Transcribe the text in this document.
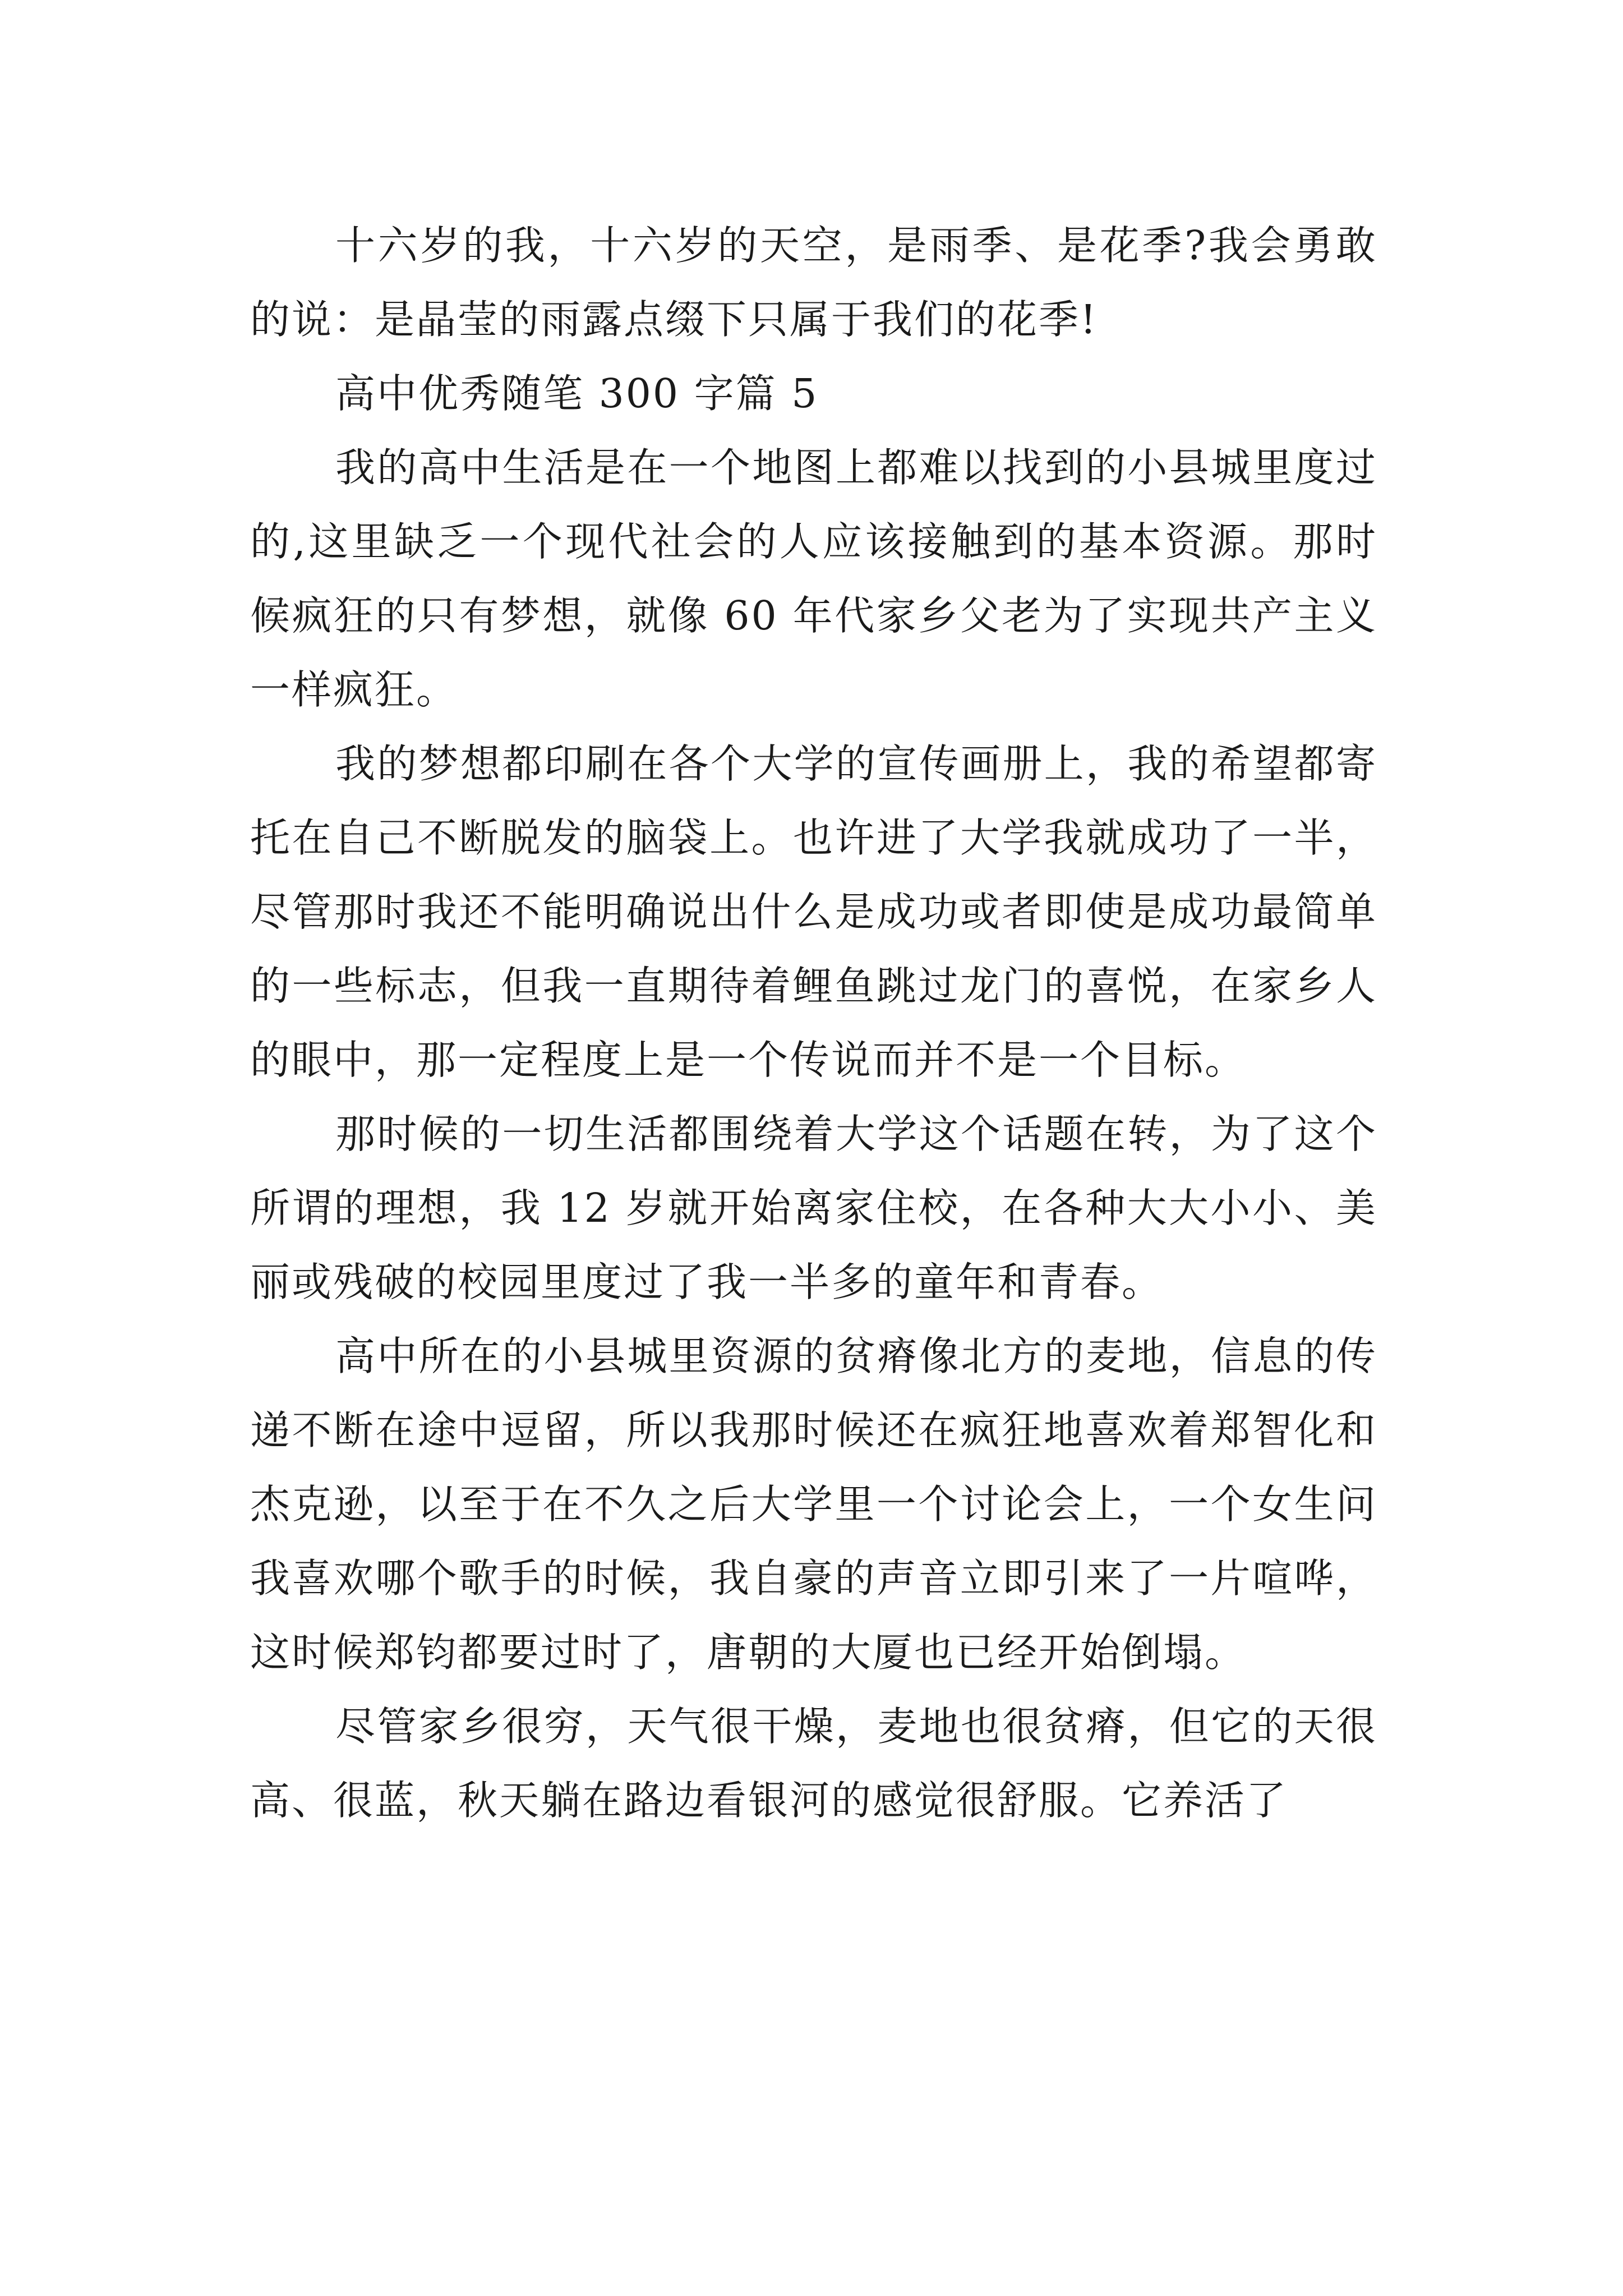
十六岁的我，十六岁的天空，是雨季、是花季?我会勇敢的说：是晶莹的雨露点缀下只属于我们的花季!

高中优秀随笔 300 字篇 5

我的高中生活是在一个地图上都难以找到的小县城里度过的,这里缺乏一个现代社会的人应该接触到的基本资源。那时候疯狂的只有梦想，就像 60 年代家乡父老为了实现共产主义一样疯狂。

我的梦想都印刷在各个大学的宣传画册上，我的希望都寄托在自己不断脱发的脑袋上。也许进了大学我就成功了一半，尽管那时我还不能明确说出什么是成功或者即使是成功最简单的一些标志，但我一直期待着鲤鱼跳过龙门的喜悦，在家乡人的眼中，那一定程度上是一个传说而并不是一个目标。

那时候的一切生活都围绕着大学这个话题在转，为了这个所谓的理想，我 12 岁就开始离家住校，在各种大大小小、美丽或残破的校园里度过了我一半多的童年和青春。

高中所在的小县城里资源的贫瘠像北方的麦地，信息的传递不断在途中逗留，所以我那时候还在疯狂地喜欢着郑智化和杰克逊，以至于在不久之后大学里一个讨论会上，一个女生问我喜欢哪个歌手的时候，我自豪的声音立即引来了一片喧哗，这时候郑钧都要过时了，唐朝的大厦也已经开始倒塌。

尽管家乡很穷，天气很干燥，麦地也很贫瘠，但它的天很高、很蓝，秋天躺在路边看银河的感觉很舒服。它养活了
